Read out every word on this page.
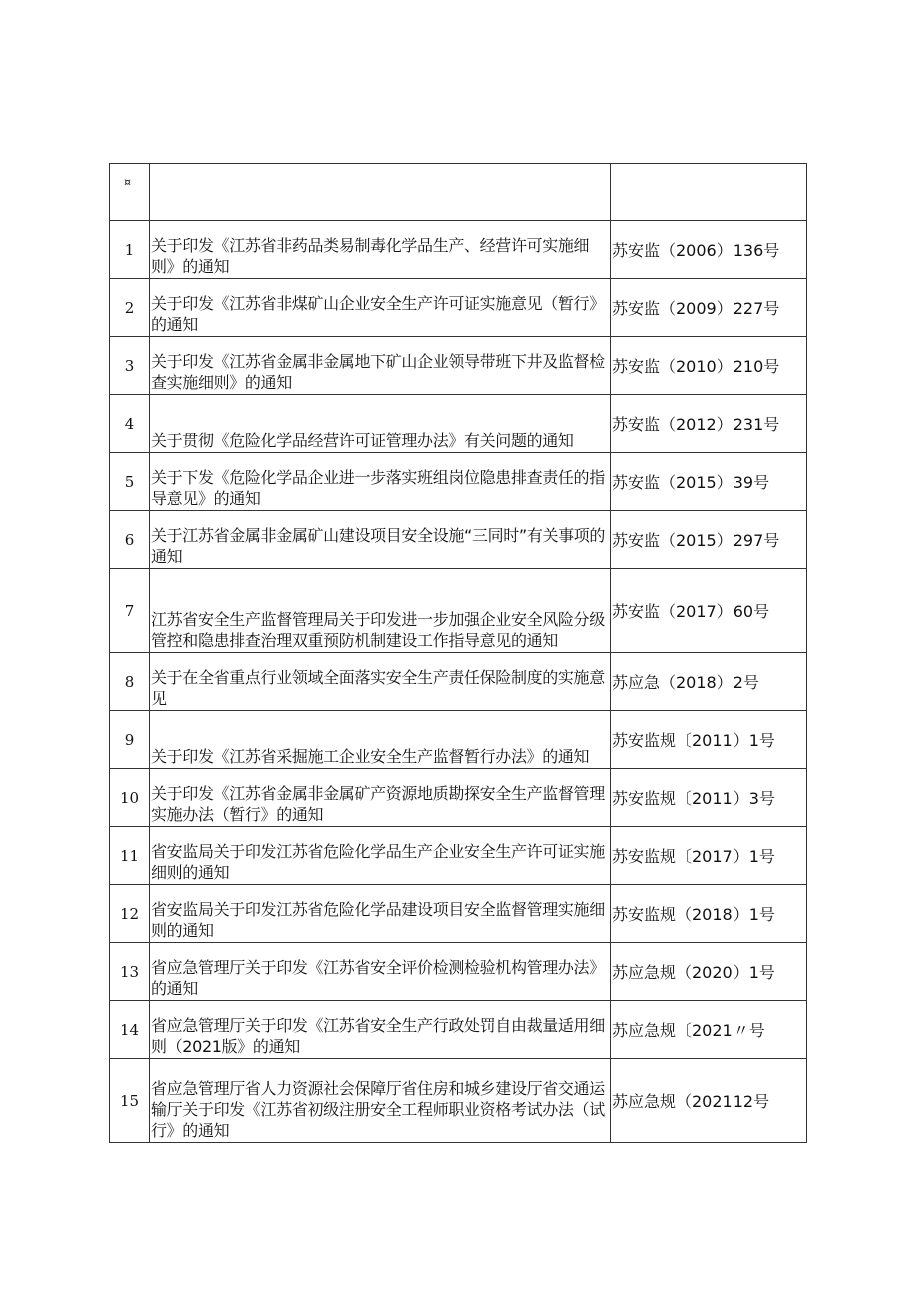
¤		

1	关于印发《江苏省非药品类易制毒化学品生产、经营许可实施细则》的通知	苏安监（2006）136号
2	关于印发《江苏省非煤矿山企业安全生产许可证实施意见（暂行》的通知	苏安监（2009）227号
3	关于印发《江苏省金属非金属地下矿山企业领导带班下井及监督检查实施细则》的通知	苏安监（2010）210号
4	关于贯彻《危险化学品经营许可证管理办法》有关问题的通知	苏安监（2012）231号
5	关于下发《危险化学品企业进一步落实班组岗位隐患排查责任的指导意见》的通知	苏安监（2015）39号
6	关于江苏省金属非金属矿山建设项目安全设施“三同时”有关事项的通知	苏安监（2015）297号
7	江苏省安全生产监督管理局关于印发进一步加强企业安全风险分级管控和隐患排查治理双重预防机制建设工作指导意见的通知	苏安监（2017）60号
8	关于在全省重点行业领域全面落实安全生产责任保险制度的实施意见	苏应急（2018）2号
9	关于印发《江苏省采掘施工企业安全生产监督暂行办法》的通知	苏安监规〔2011）1号
10	关于印发《江苏省金属非金属矿产资源地质勘探安全生产监督管理实施办法（暂行》的通知	苏安监规〔2011）3号
11	省安监局关于印发江苏省危险化学品生产企业安全生产许可证实施细则的通知	苏安监规〔2017）1号
12	省安监局关于印发江苏省危险化学品建设项目安全监督管理实施细则的通知	苏安监规（2018）1号
13	省应急管理厅关于印发《江苏省安全评价检测检验机构管理办法》的通知	苏应急规（2020）1号
14	省应急管理厅关于印发《江苏省安全生产行政处罚自由裁量适用细则（2021版》的通知	苏应急规〔2021〃号
15	省应急管理厅省人力资源社会保障厅省住房和城乡建设厅省交通运输厅关于印发《江苏省初级注册安全工程师职业资格考试办法（试行》的通知	苏应急规（202112号
